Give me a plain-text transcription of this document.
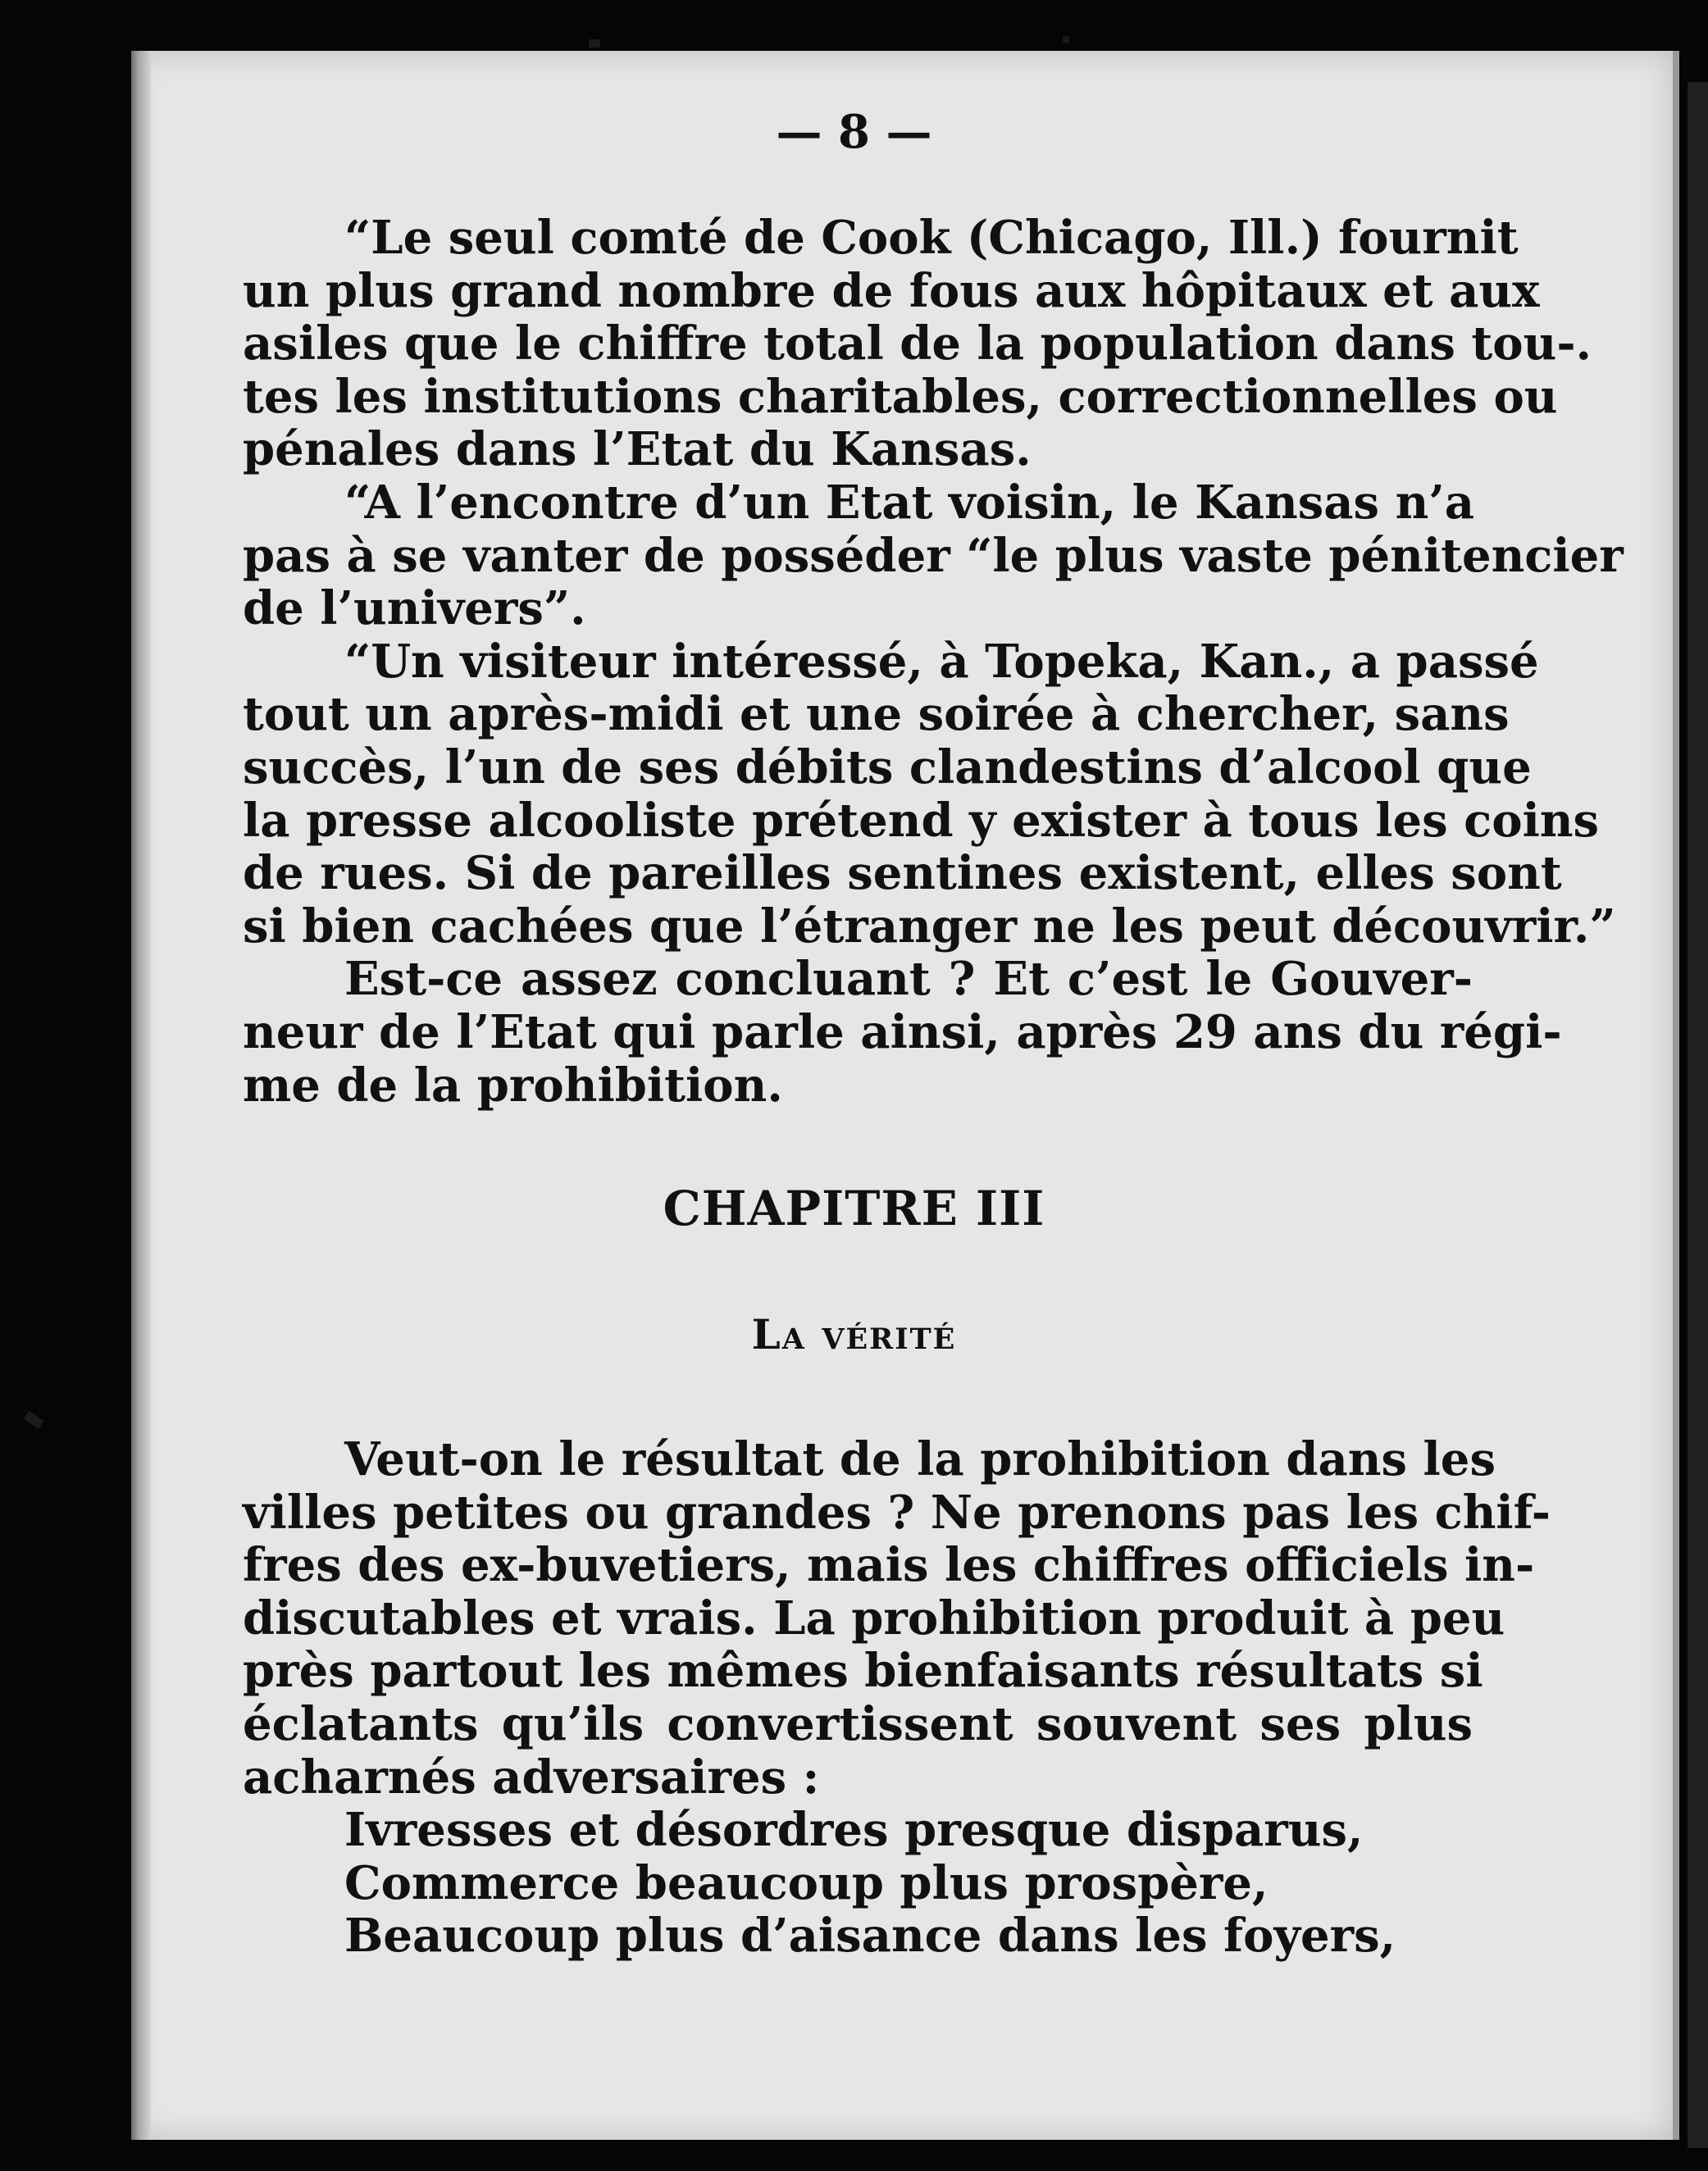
— 8 —
“Le seul comté de Cook (Chicago, Ill.) fournit
un plus grand nombre de fous aux hôpitaux et aux
asiles que le chiffre total de la population dans tou-.
tes les institutions charitables, correctionnelles ou
pénales dans l’Etat du Kansas.
“A l’encontre d’un Etat voisin, le Kansas n’a
pas à se vanter de posséder “le plus vaste pénitencier
de l’univers”.
“Un visiteur intéressé, à Topeka, Kan., a passé
tout un après-midi et une soirée à chercher, sans
succès, l’un de ses débits clandestins d’alcool que
la presse alcooliste prétend y exister à tous les coins
de rues. Si de pareilles sentines existent, elles sont
si bien cachées que l’étranger ne les peut découvrir.”
Est-ce assez concluant ? Et c’est le Gouver-
neur de l’Etat qui parle ainsi, après 29 ans du régi-
me de la prohibition.
CHAPITRE III
La vérité
Veut-on le résultat de la prohibition dans les
villes petites ou grandes ? Ne prenons pas les chif-
fres des ex-buvetiers, mais les chiffres officiels in-
discutables et vrais. La prohibition produit à peu
près partout les mêmes bienfaisants résultats si
éclatants qu’ils convertissent souvent ses plus
acharnés adversaires :
Ivresses et désordres presque disparus,
Commerce beaucoup plus prospère,
Beaucoup plus d’aisance dans les foyers,
